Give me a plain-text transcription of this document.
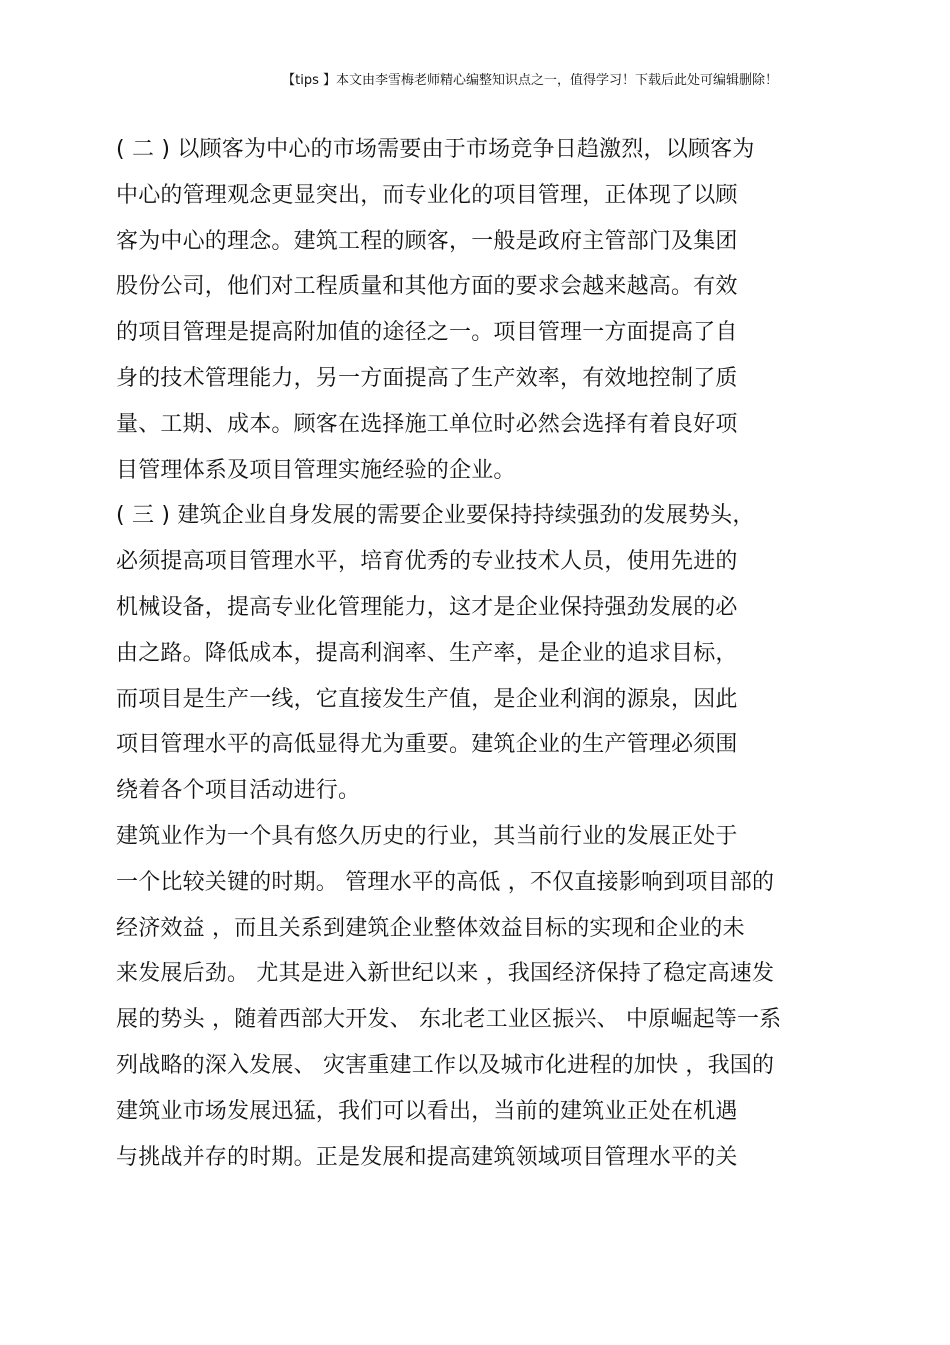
【tips 】本文由李雪梅老师精心编整知识点之一，值得学习！下载后此处可编辑删除！
( 二 ) 以顾客为中心的市场需要由于市场竞争日趋激烈，以顾客为
中心的管理观念更显突出，而专业化的项目管理，正体现了以顾
客为中心的理念。建筑工程的顾客，一般是政府主管部门及集团
股份公司，他们对工程质量和其他方面的要求会越来越高。有效
的项目管理是提高附加值的途径之一。项目管理一方面提高了自
身的技术管理能力，另一方面提高了生产效率，有效地控制了质
量、工期、成本。顾客在选择施工单位时必然会选择有着良好项
目管理体系及项目管理实施经验的企业。
( 三 ) 建筑企业自身发展的需要企业要保持持续强劲的发展势头，
必须提高项目管理水平，培育优秀的专业技术人员，使用先进的
机械设备，提高专业化管理能力，这才是企业保持强劲发展的必
由之路。降低成本，提高利润率、生产率，是企业的追求目标，
而项目是生产一线，它直接发生产值，是企业利润的源泉，因此
项目管理水平的高低显得尤为重要。建筑企业的生产管理必须围
绕着各个项目活动进行。
建筑业作为一个具有悠久历史的行业，其当前行业的发展正处于
一个比较关键的时期。 管理水平的高低 ，不仅直接影响到项目部的
经济效益 ，而且关系到建筑企业整体效益目标的实现和企业的未
来发展后劲。 尤其是进入新世纪以来 ，我国经济保持了稳定高速发
展的势头 ，随着西部大开发、 东北老工业区振兴、 中原崛起等一系
列战略的深入发展、 灾害重建工作以及城市化进程的加快 ，我国的
建筑业市场发展迅猛，我们可以看出，当前的建筑业正处在机遇
与挑战并存的时期。正是发展和提高建筑领域项目管理水平的关
